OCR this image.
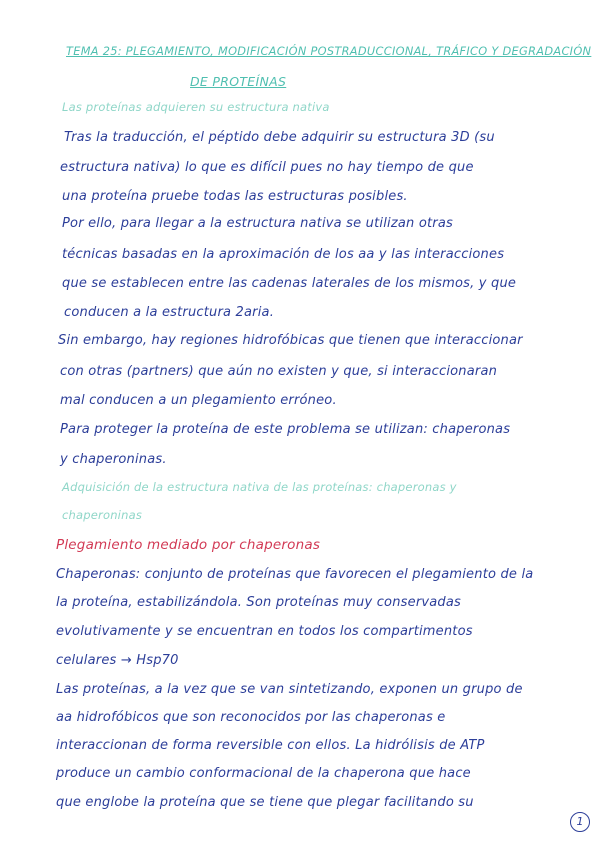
TEMA 25: PLEGAMIENTO, MODIFICACIÓN POSTRADUCCIONAL, TRÁFICO Y DEGRADACIÓN
DE PROTEÍNAS
Las proteínas adquieren su estructura nativa
Tras la traducción, el péptido debe adquirir su estructura 3D (su
estructura nativa) lo que es difícil pues no hay tiempo de que
una proteína pruebe todas las estructuras posibles.
Por ello, para llegar a la estructura nativa se utilizan otras
técnicas basadas en la aproximación de los aa y las interacciones
que se establecen entre las cadenas laterales de los mismos, y que
conducen a la estructura 2aria.
Sin embargo, hay regiones hidrofóbicas que tienen que interaccionar
con otras (partners) que aún no existen y que, si interaccionaran
mal conducen a un plegamiento erróneo.
Para proteger la proteína de este problema se utilizan: chaperonas
y chaperoninas.
Adquisición de la estructura nativa de las proteínas: chaperonas y
chaperoninas
Plegamiento mediado por chaperonas
Chaperonas: conjunto de proteínas que favorecen el plegamiento de la
la proteína, estabilizándola. Son proteínas muy conservadas
evolutivamente y se encuentran en todos los compartimentos
celulares → Hsp70
Las proteínas, a la vez que se van sintetizando, exponen un grupo de
aa hidrofóbicos que son reconocidos por las chaperonas e
interaccionan de forma reversible con ellos. La hidrólisis de ATP
produce un cambio conformacional de la chaperona que hace
que englobe la proteína que se tiene que plegar facilitando su
1
